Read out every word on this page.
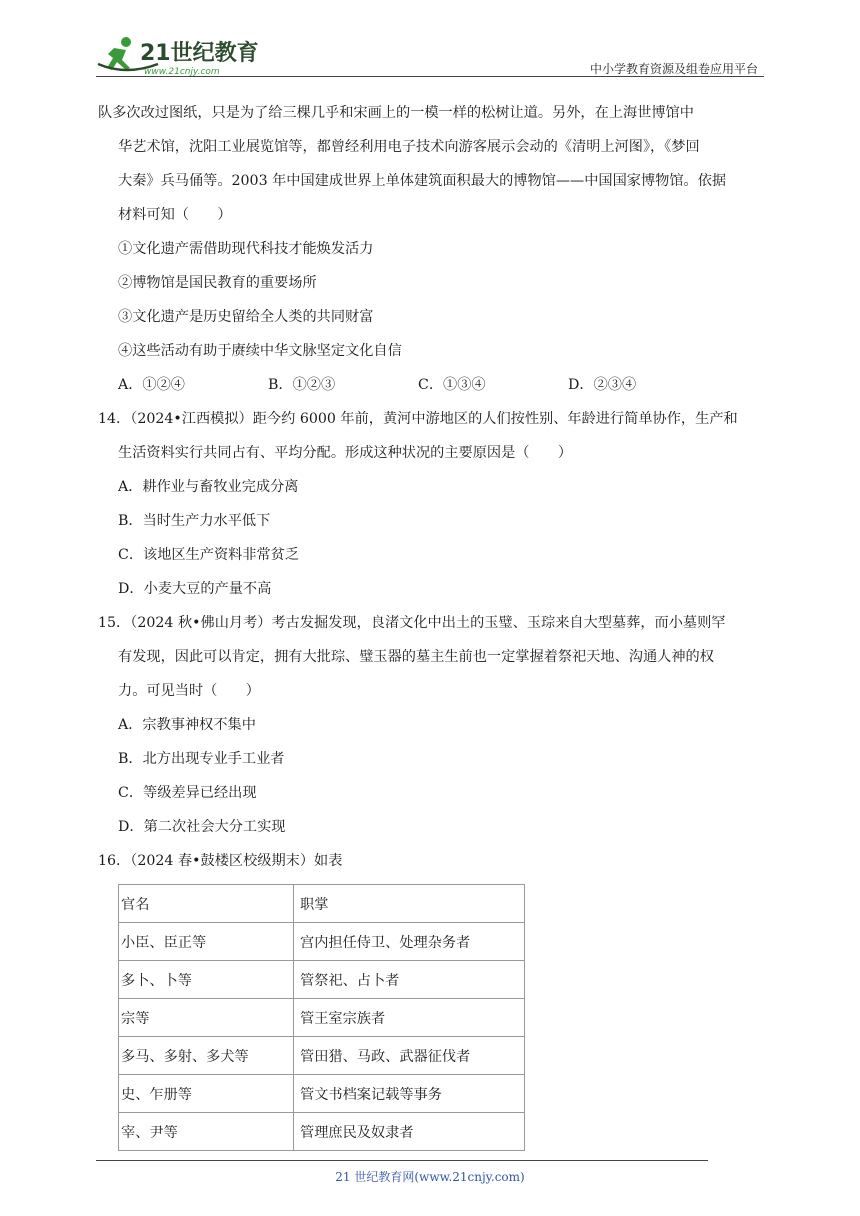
21世纪教育
www.21cnjy.com	中小学教育资源及组卷应用平台
队多次改过图纸，只是为了给三棵几乎和宋画上的一模一样的松树让道。另外，在上海世博馆中
华艺术馆，沈阳工业展览馆等，都曾经利用电子技术向游客展示会动的《清明上河图》，《梦回
大秦》兵马俑等。2003 年中国建成世界上单体建筑面积最大的博物馆——中国国家博物馆。依据
材料可知（　　）
①文化遗产需借助现代科技才能焕发活力
②博物馆是国民教育的重要场所
③文化遗产是历史留给全人类的共同财富
④这些活动有助于赓续中华文脉坚定文化自信
A．①②④	B．①②③	C．①③④	D．②③④
14．（2024•江西模拟）距今约 6000 年前，黄河中游地区的人们按性别、年龄进行简单协作，生产和
生活资料实行共同占有、平均分配。形成这种状况的主要原因是（　　）
A．耕作业与畜牧业完成分离
B．当时生产力水平低下
C．该地区生产资料非常贫乏
D．小麦大豆的产量不高
15．（2024 秋•佛山月考）考古发掘发现，良渚文化中出土的玉璧、玉琮来自大型墓葬，而小墓则罕
有发现，因此可以肯定，拥有大批琮、璧玉器的墓主生前也一定掌握着祭祀天地、沟通人神的权
力。可见当时（　　）
A．宗教事神权不集中
B．北方出现专业手工业者
C．等级差异已经出现
D．第二次社会大分工实现
16．（2024 春•鼓楼区校级期末）如表
官名	职掌
小臣、臣正等	宫内担任侍卫、处理杂务者
多卜、卜等	管祭祀、占卜者
宗等	管王室宗族者
多马、多射、多犬等	管田猎、马政、武器征伐者
史、乍册等	管文书档案记载等事务
宰、尹等	管理庶民及奴隶者
21 世纪教育网(www.21cnjy.com)
